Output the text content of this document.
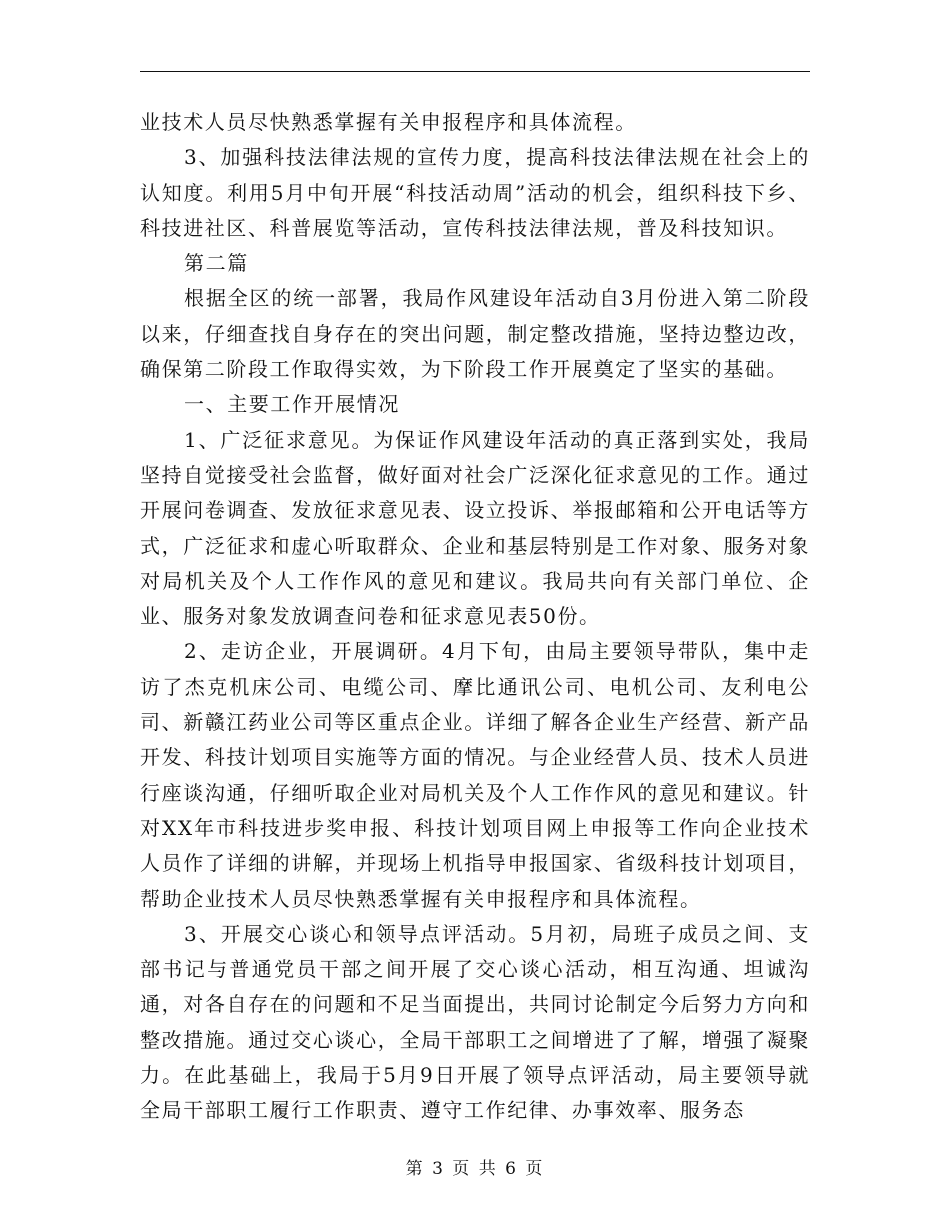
业技术人员尽快熟悉掌握有关申报程序和具体流程。

3、加强科技法律法规的宣传力度，提高科技法律法规在社会上的认知度。利用5月中旬开展“科技活动周”活动的机会，组织科技下乡、科技进社区、科普展览等活动，宣传科技法律法规，普及科技知识。

第二篇

根据全区的统一部署，我局作风建设年活动自3月份进入第二阶段以来，仔细查找自身存在的突出问题，制定整改措施，坚持边整边改，确保第二阶段工作取得实效，为下阶段工作开展奠定了坚实的基础。

一、主要工作开展情况

1、广泛征求意见。为保证作风建设年活动的真正落到实处，我局坚持自觉接受社会监督，做好面对社会广泛深化征求意见的工作。通过开展问卷调查、发放征求意见表、设立投诉、举报邮箱和公开电话等方式，广泛征求和虚心听取群众、企业和基层特别是工作对象、服务对象对局机关及个人工作作风的意见和建议。我局共向有关部门单位、企业、服务对象发放调查问卷和征求意见表50份。

2、走访企业，开展调研。4月下旬，由局主要领导带队，集中走访了杰克机床公司、电缆公司、摩比通讯公司、电机公司、友利电公司、新赣江药业公司等区重点企业。详细了解各企业生产经营、新产品开发、科技计划项目实施等方面的情况。与企业经营人员、技术人员进行座谈沟通，仔细听取企业对局机关及个人工作作风的意见和建议。针对XX年市科技进步奖申报、科技计划项目网上申报等工作向企业技术人员作了详细的讲解，并现场上机指导申报国家、省级科技计划项目，帮助企业技术人员尽快熟悉掌握有关申报程序和具体流程。

3、开展交心谈心和领导点评活动。5月初，局班子成员之间、支部书记与普通党员干部之间开展了交心谈心活动，相互沟通、坦诚沟通，对各自存在的问题和不足当面提出，共同讨论制定今后努力方向和整改措施。通过交心谈心，全局干部职工之间增进了了解，增强了凝聚力。在此基础上，我局于5月9日开展了领导点评活动，局主要领导就全局干部职工履行工作职责、遵守工作纪律、办事效率、服务态

第 3 页 共 6 页
